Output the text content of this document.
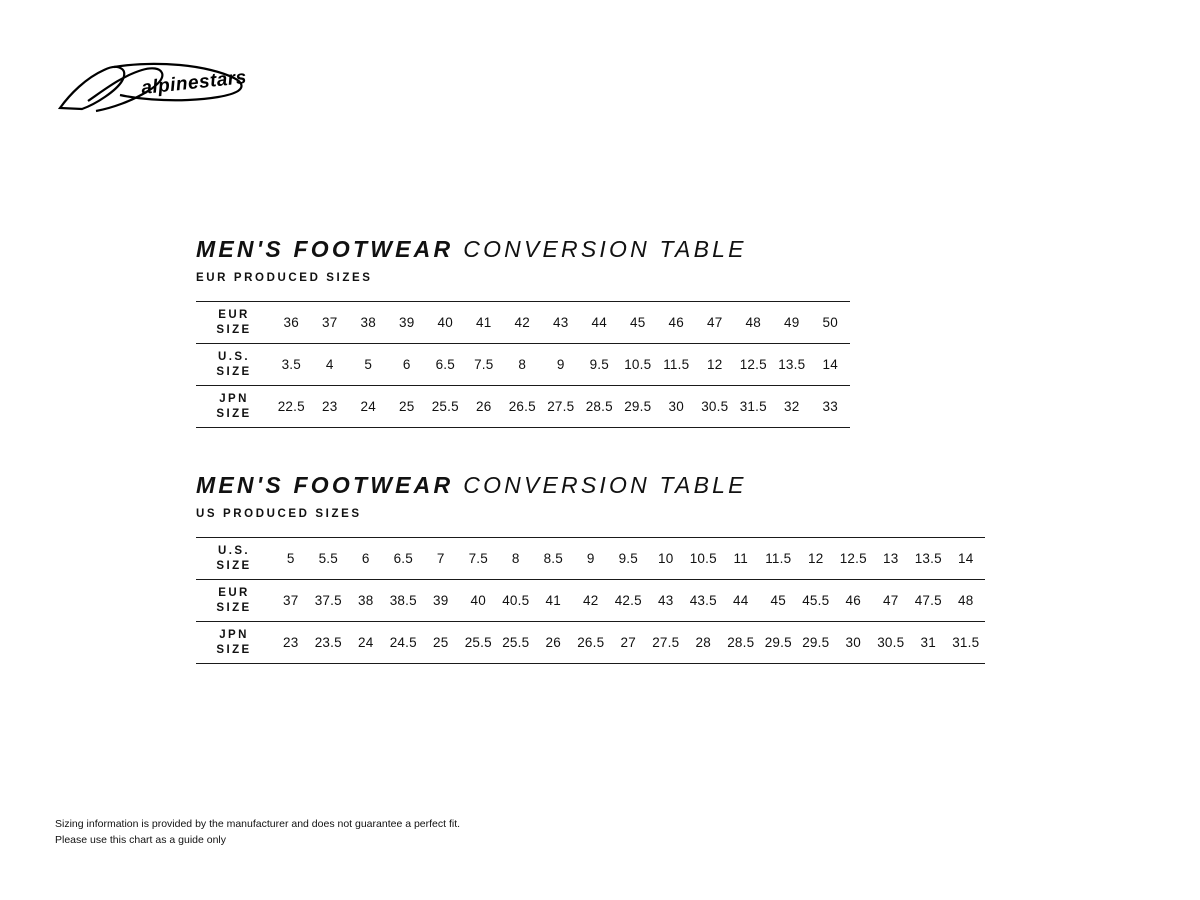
alpinestars
MEN'S FOOTWEAR CONVERSION TABLE
EUR PRODUCED SIZES
EUR
SIZE	36	37	38	39	40	41	42	43	44	45	46	47	48	49	50

U.S.
SIZE	3.5	4	5	6	6.5	7.5	8	9	9.5	10.5	11.5	12	12.5	13.5	14

JPN
SIZE	22.5	23	24	25	25.5	26	26.5	27.5	28.5	29.5	30	30.5	31.5	32	33
MEN'S FOOTWEAR CONVERSION TABLE
US PRODUCED SIZES
U.S.
SIZE	5	5.5	6	6.5	7	7.5	8	8.5	9	9.5	10	10.5	11	11.5	12	12.5	13	13.5	14

EUR
SIZE	37	37.5	38	38.5	39	40	40.5	41	42	42.5	43	43.5	44	45	45.5	46	47	47.5	48

JPN
SIZE	23	23.5	24	24.5	25	25.5	25.5	26	26.5	27	27.5	28	28.5	29.5	29.5	30	30.5	31	31.5
Sizing information is provided by the manufacturer and does not guarantee a perfect fit.
Please use this chart as a guide only
